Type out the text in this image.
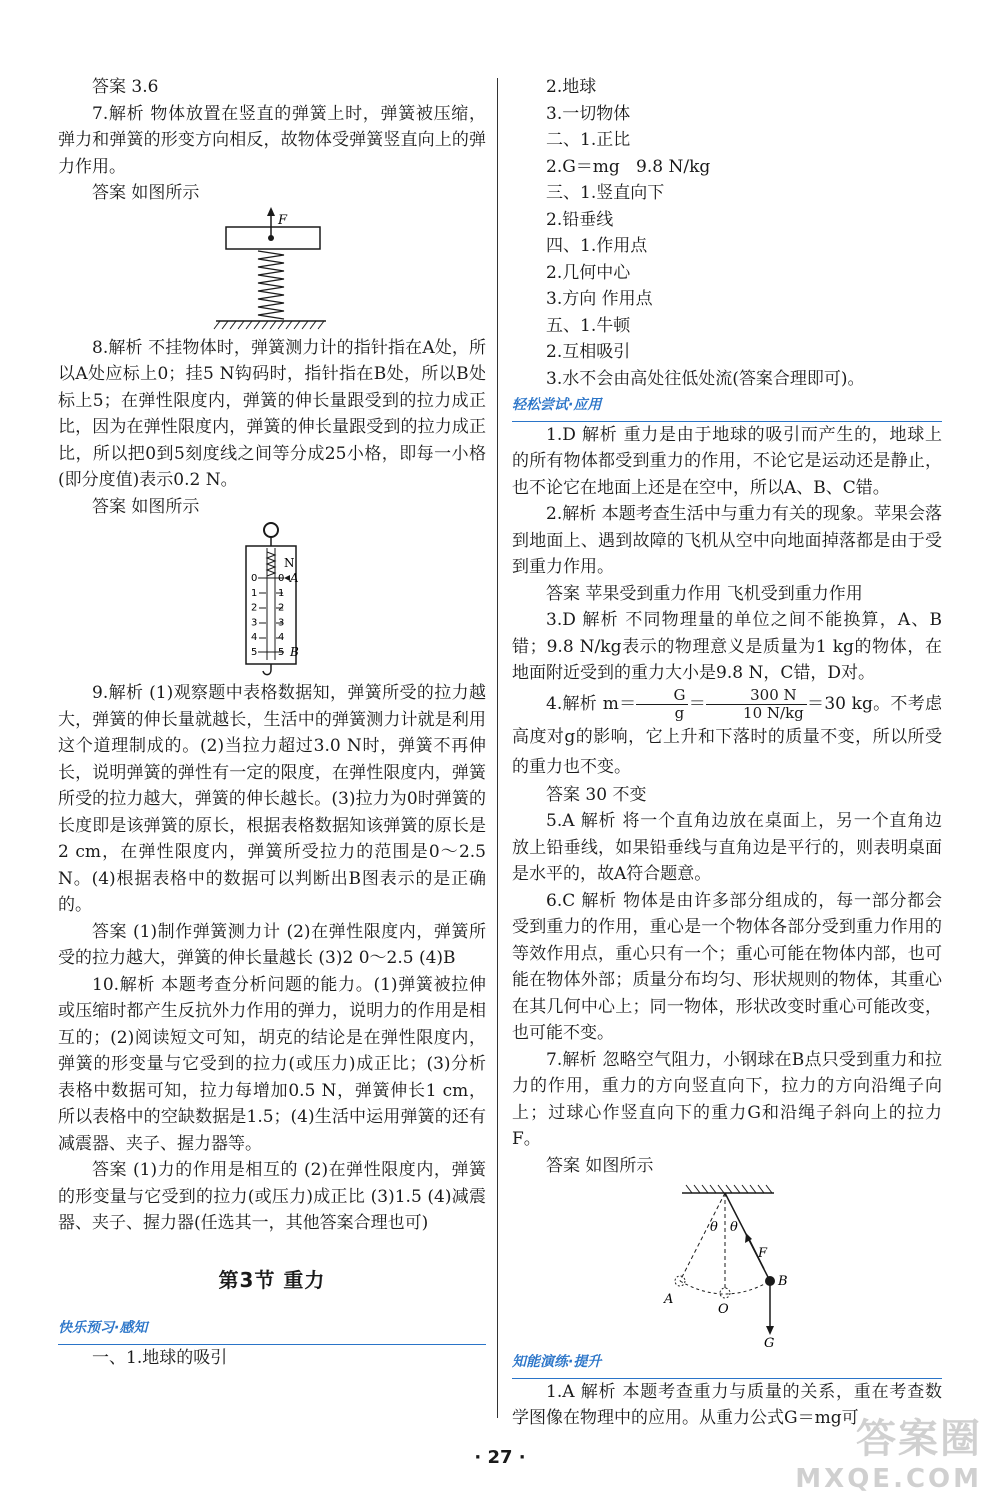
答案 3.6

7.解析 物体放置在竖直的弹簧上时，弹簧被压缩，弹力和弹簧的形变方向相反，故物体受弹簧竖直向上的弹力作用。

答案 如图所示

F

8.解析 不挂物体时，弹簧测力计的指针指在A处，所以A处应标上0；挂5 N钩码时，指针指在B处，所以B处标上5；在弹性限度内，弹簧的伸长量跟受到的拉力成正比，因为在弹性限度内，弹簧的伸长量跟受到的拉力成正比，所以把0到5刻度线之间等分成25小格，即每一小格(即分度值)表示0.2 N。

答案 如图所示

N
A
B
0 0
1 1
2 2
3 3
4 4
5 5

9.解析 (1)观察题中表格数据知，弹簧所受的拉力越大，弹簧的伸长量就越长，生活中的弹簧测力计就是利用这个道理制成的。(2)当拉力超过3.0 N时，弹簧不再伸长，说明弹簧的弹性有一定的限度，在弹性限度内，弹簧所受的拉力越大，弹簧的伸长越长。(3)拉力为0时弹簧的长度即是该弹簧的原长，根据表格数据知该弹簧的原长是2 cm，在弹性限度内，弹簧所受拉力的范围是0～2.5 N。(4)根据表格中的数据可以判断出B图表示的是正确的。

答案 (1)制作弹簧测力计 (2)在弹性限度内，弹簧所受的拉力越大，弹簧的伸长量越长 (3)2 0～2.5 (4)B

10.解析 本题考查分析问题的能力。(1)弹簧被拉伸或压缩时都产生反抗外力作用的弹力，说明力的作用是相互的；(2)阅读短文可知，胡克的结论是在弹性限度内，弹簧的形变量与它受到的拉力(或压力)成正比；(3)分析表格中数据可知，拉力每增加0.5 N，弹簧伸长1 cm，所以表格中的空缺数据是1.5；(4)生活中运用弹簧的还有减震器、夹子、握力器等。

答案 (1)力的作用是相互的 (2)在弹性限度内，弹簧的形变量与它受到的拉力(或压力)成正比 (3)1.5 (4)减震器、夹子、握力器(任选其一，其他答案合理也可)

第3节 重力
快乐预习·感知

一、1.地球的吸引

2.地球

3.一切物体

二、1.正比

2.G＝mg 9.8 N/kg

三、1.竖直向下

2.铅垂线

四、1.作用点

2.几何中心

3.方向 作用点

五、1.牛顿

2.互相吸引

3.水不会由高处往低处流(答案合理即可)。

轻松尝试·应用

1.D 解析 重力是由于地球的吸引而产生的，地球上的所有物体都受到重力的作用，不论它是运动还是静止，也不论它在地面上还是在空中，所以A、B、C错。

2.解析 本题考查生活中与重力有关的现象。苹果会落到地面上、遇到故障的飞机从空中向地面掉落都是由于受到重力作用。

答案 苹果受到重力作用 飞机受到重力作用

3.D 解析 不同物理量的单位之间不能换算，A、B错；9.8 N/kg表示的物理意义是质量为1 kg的物体，在地面附近受到的重力大小是9.8 N，C错，D对。

4.解析 $m= \frac{G}{g} = \frac{300 N}{10 N/kg} =30$ kg。不考虑高度对g的影响，它上升和下落时的质量不变，所以所受的重力也不变。

答案 30 不变

5.A 解析 将一个直角边放在桌面上，另一个直角边放上铅垂线，如果铅垂线与直角边是平行的，则表明桌面是水平的，故A符合题意。

6.C 解析 物体是由许多部分组成的，每一部分都会受到重力的作用，重心是一个物体各部分受到重力作用的等效作用点，重心只有一个；重心可能在物体内部，也可能在物体外部；质量分布均匀、形状规则的物体，其重心在其几何中心上；同一物体，形状改变时重心可能改变，也可能不变。

7.解析 忽略空气阻力，小钢球在B点只受到重力和拉力的作用，重力的方向竖直向下，拉力的方向沿绳子向上；过球心作竖直向下的重力G和沿绳子斜向上的拉力F。

答案 如图所示

θ θ
F
B
A
O
G
知能演练·提升

1.A 解析 本题考查重力与质量的关系，重在考查数学图像在物理中的应用。从重力公式G＝mg可

· 27 ·	答案圈
MXQE.COM
